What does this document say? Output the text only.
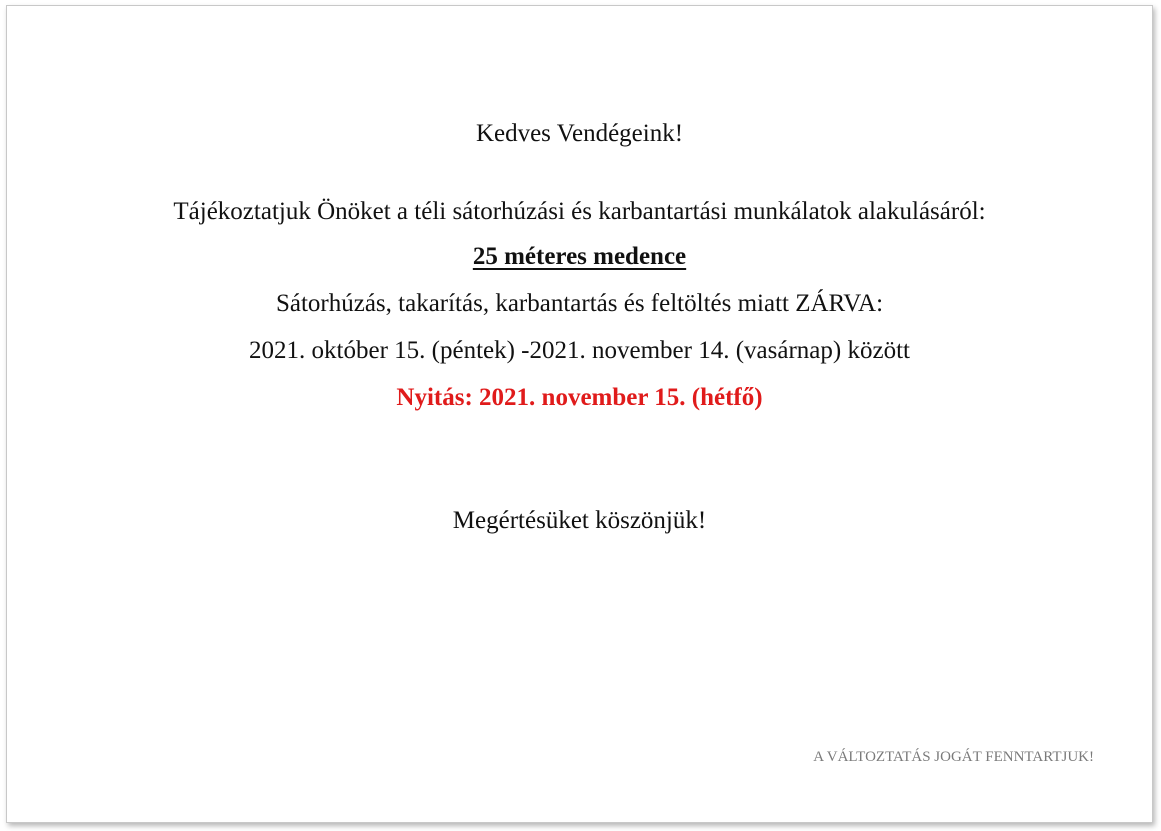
Kedves Vendégeink!
Tájékoztatjuk Önöket a téli sátorhúzási és karbantartási munkálatok alakulásáról:
25 méteres medence
Sátorhúzás, takarítás, karbantartás és feltöltés miatt ZÁRVA:
2021. október 15. (péntek) -2021. november 14. (vasárnap) között
Nyitás: 2021. november 15. (hétfő)
Megértésüket köszönjük!
A VÁLTOZTATÁS JOGÁT FENNTARTJUK!
